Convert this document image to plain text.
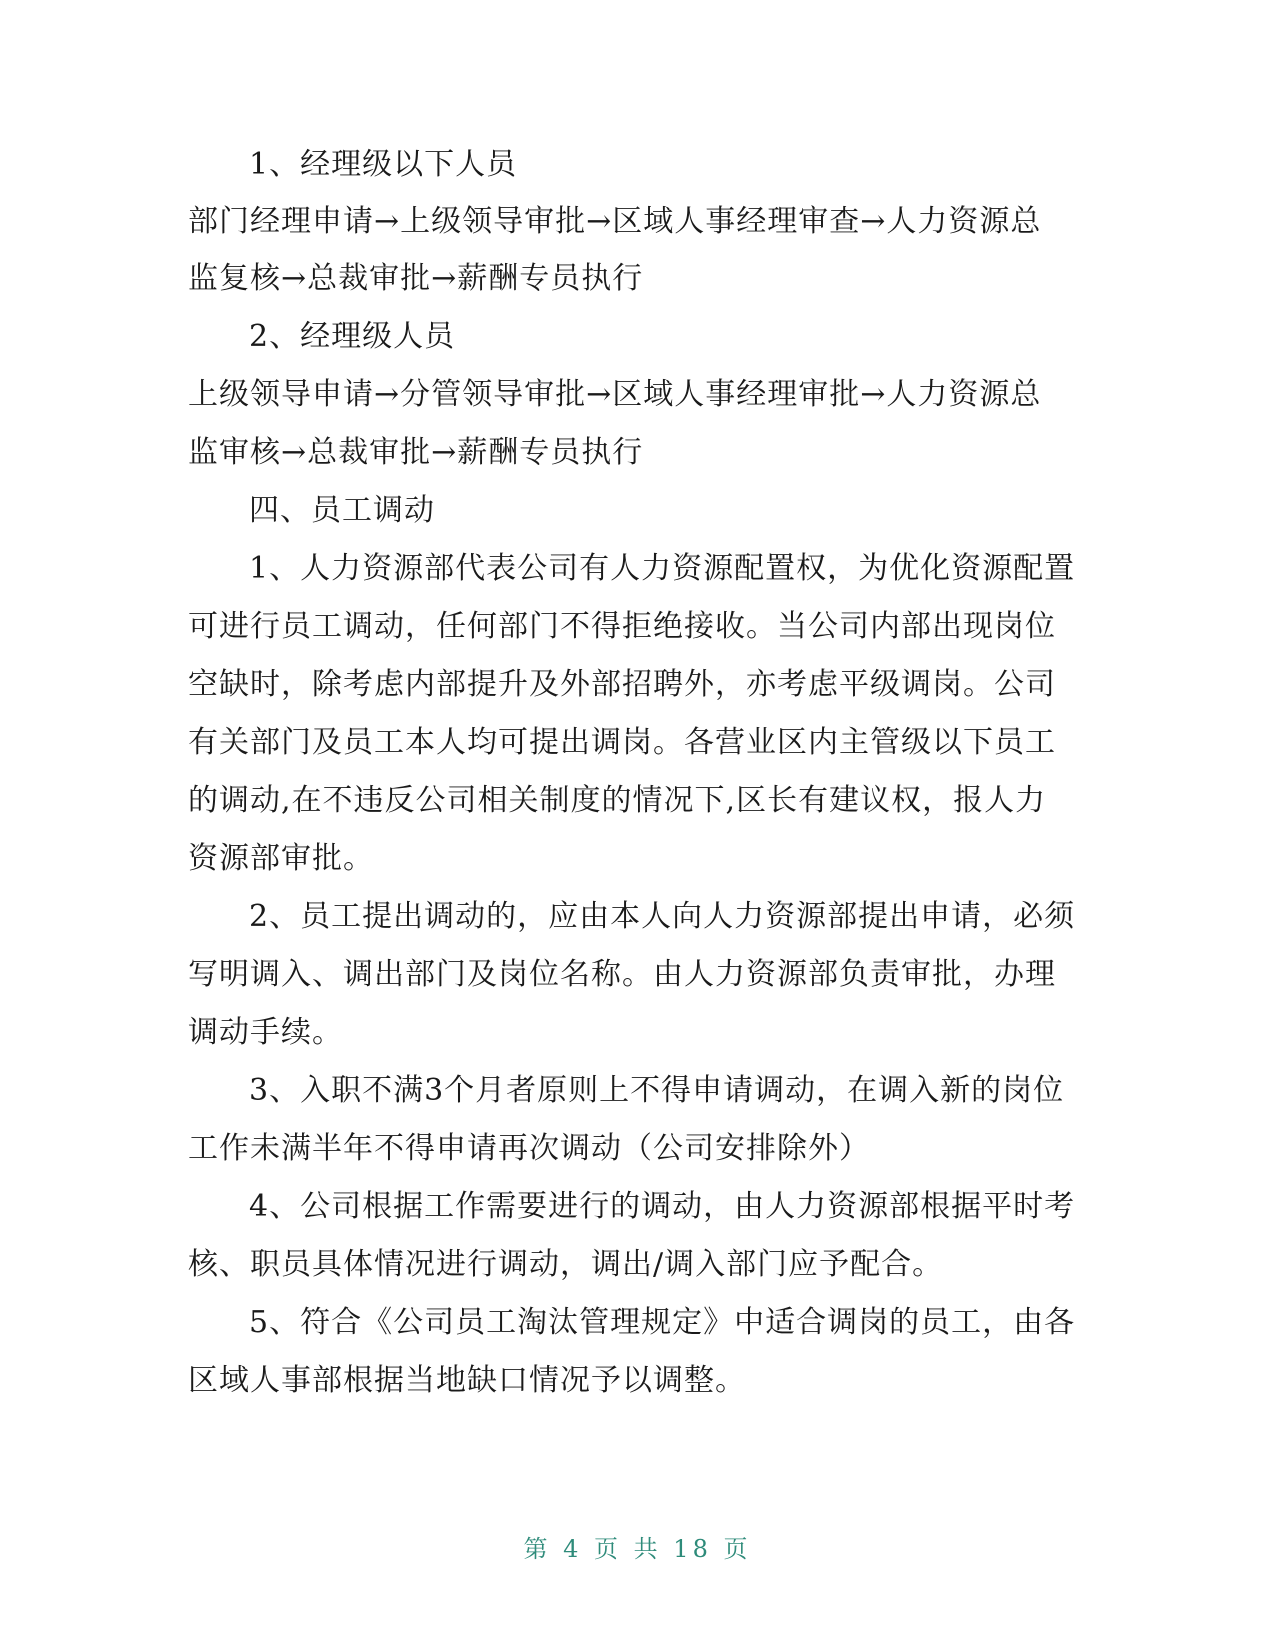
1、经理级以下人员
部门经理申请→上级领导审批→区域人事经理审查→人力资源总
监复核→总裁审批→薪酬专员执行
2、经理级人员
上级领导申请→分管领导审批→区域人事经理审批→人力资源总
监审核→总裁审批→薪酬专员执行
四、员工调动
1、人力资源部代表公司有人力资源配置权，为优化资源配置
可进行员工调动，任何部门不得拒绝接收。当公司内部出现岗位
空缺时，除考虑内部提升及外部招聘外，亦考虑平级调岗。公司
有关部门及员工本人均可提出调岗。各营业区内主管级以下员工
的调动,在不违反公司相关制度的情况下,区长有建议权，报人力
资源部审批。
2、员工提出调动的，应由本人向人力资源部提出申请，必须
写明调入、调出部门及岗位名称。由人力资源部负责审批，办理
调动手续。
3、入职不满3个月者原则上不得申请调动，在调入新的岗位
工作未满半年不得申请再次调动（公司安排除外）
4、公司根据工作需要进行的调动，由人力资源部根据平时考
核、职员具体情况进行调动，调出/调入部门应予配合。
5、符合《公司员工淘汰管理规定》中适合调岗的员工，由各
区域人事部根据当地缺口情况予以调整。
第 4 页 共 18 页
